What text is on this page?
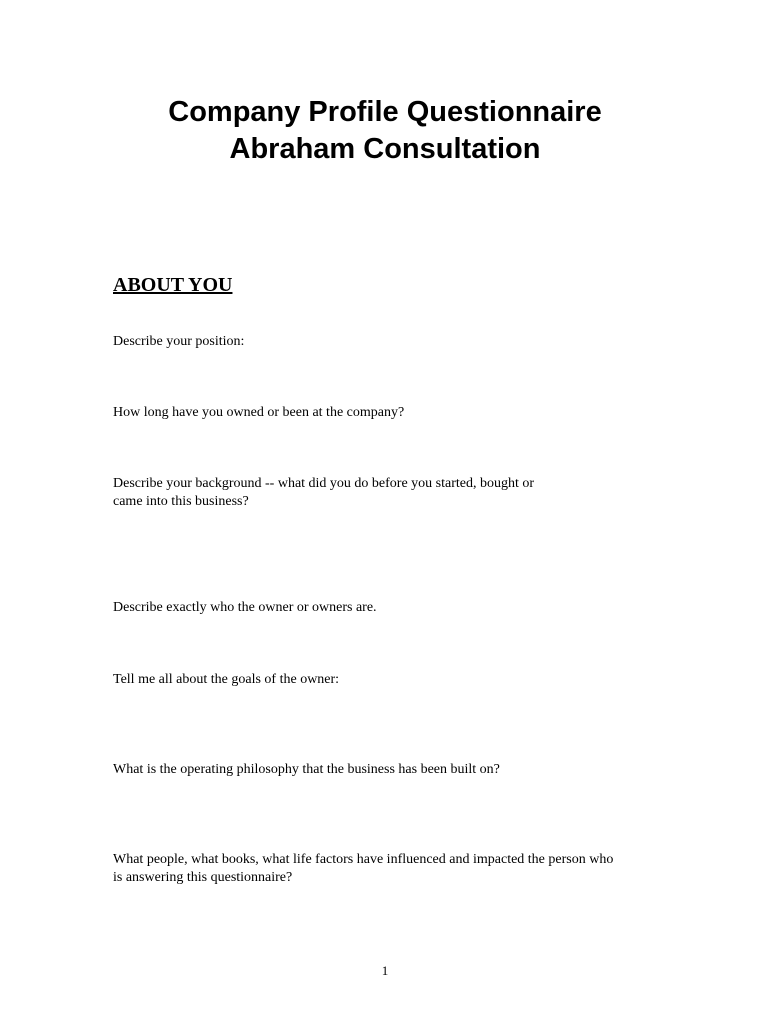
Company Profile Questionnaire
Abraham Consultation
ABOUT YOU
Describe your position:
How long have you owned or been at the company?
Describe your background -- what did you do before you started, bought or
came into this business?
Describe exactly who the owner or owners are.
Tell me all about the goals of the owner:
What is the operating philosophy that the business has been built on?
What people, what books, what life factors have influenced and impacted the person who
is answering this questionnaire?
1
